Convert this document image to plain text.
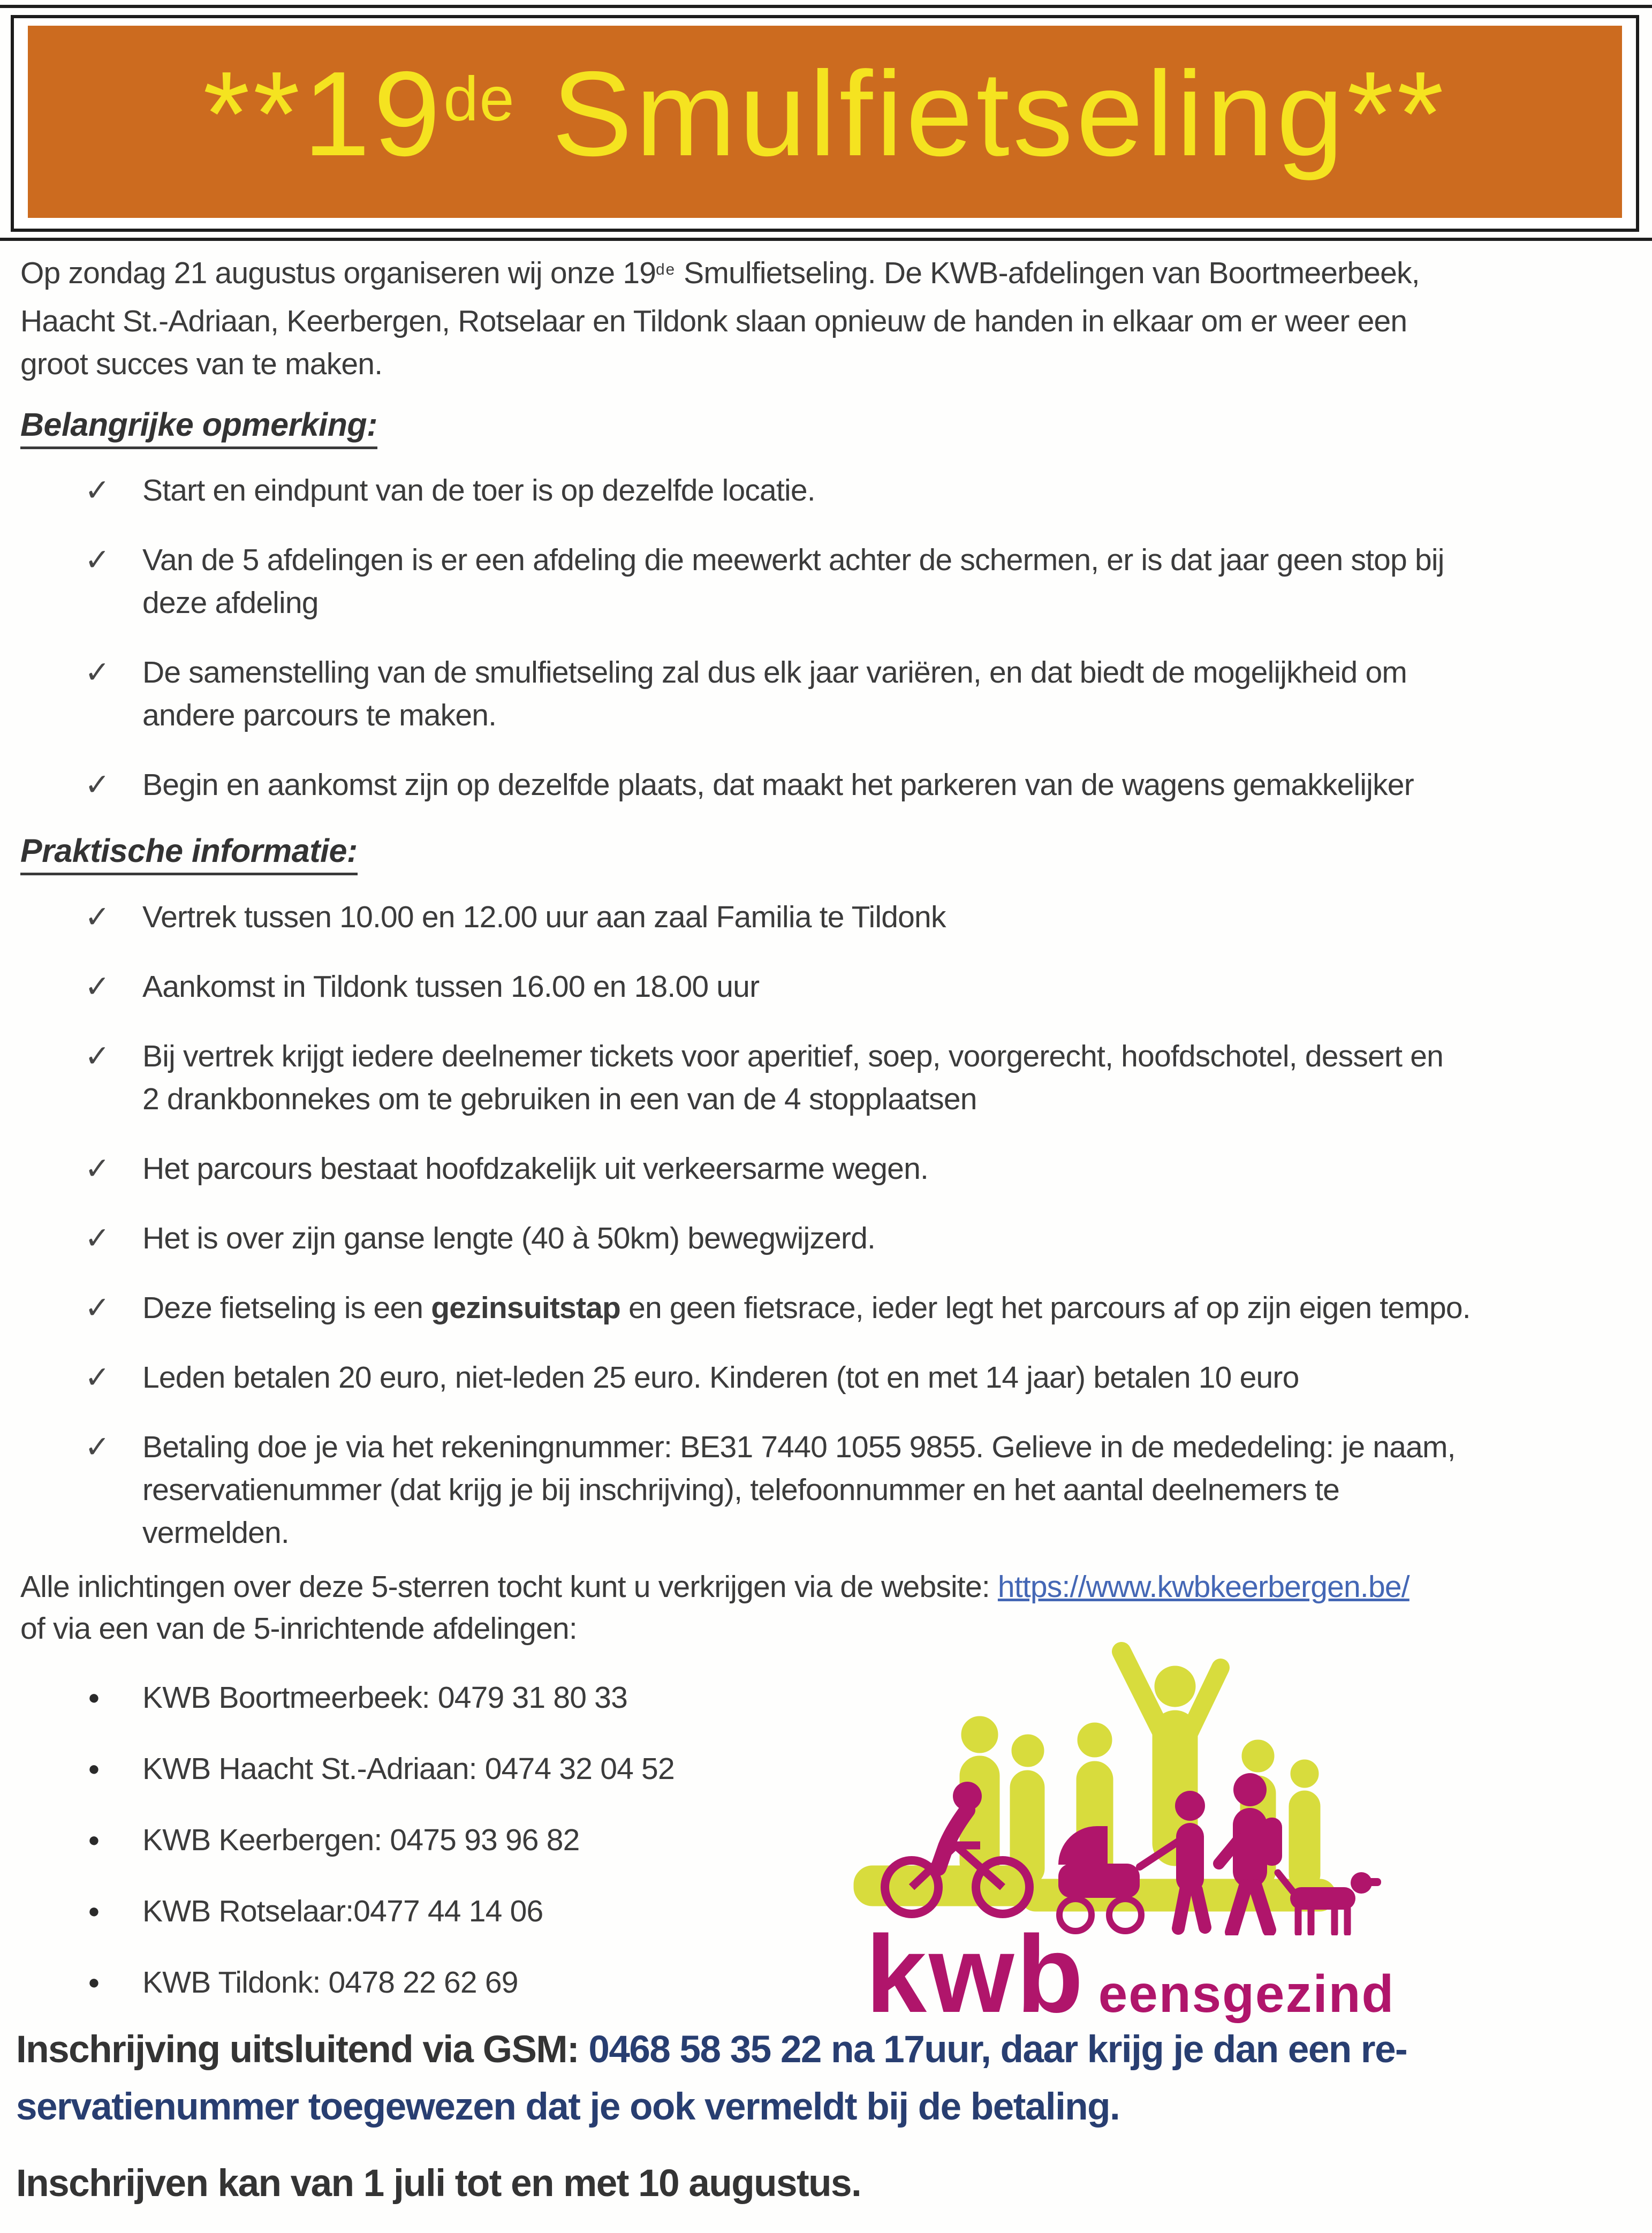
**19de Smulfietseling**
Op zondag 21 augustus organiseren wij onze 19de Smulfietseling. De KWB-afdelingen van Boortmeerbeek,
Haacht St.-Adriaan, Keerbergen, Rotselaar en Tildonk slaan opnieuw de handen in elkaar om er weer een
groot succes van te maken.
Belangrijke opmerking:
✓ Start en eindpunt van de toer is op dezelfde locatie.
✓ Van de 5 afdelingen is er een afdeling die meewerkt achter de schermen, er is dat jaar geen stop bij
deze afdeling
✓ De samenstelling van de smulfietseling zal dus elk jaar variëren, en dat biedt de mogelijkheid om
andere parcours te maken.
✓ Begin en aankomst zijn op dezelfde plaats, dat maakt het parkeren van de wagens gemakkelijker
Praktische informatie:
✓ Vertrek tussen 10.00 en 12.00 uur aan zaal Familia te Tildonk
✓ Aankomst in Tildonk tussen 16.00 en 18.00 uur
✓ Bij vertrek krijgt iedere deelnemer tickets voor aperitief, soep, voorgerecht, hoofdschotel, dessert en
2 drankbonnekes om te gebruiken in een van de 4 stopplaatsen
✓ Het parcours bestaat hoofdzakelijk uit verkeersarme wegen.
✓ Het is over zijn ganse lengte (40 à 50km) bewegwijzerd.
✓ Deze fietseling is een gezinsuitstap en geen fietsrace, ieder legt het parcours af op zijn eigen tempo.
✓ Leden betalen 20 euro, niet-leden 25 euro. Kinderen (tot en met 14 jaar) betalen 10 euro
✓ Betaling doe je via het rekeningnummer: BE31 7440 1055 9855. Gelieve in de mededeling: je naam,
reservatienummer (dat krijg je bij inschrijving), telefoonnummer en het aantal deelnemers te
vermelden.
Alle inlichtingen over deze 5-sterren tocht kunt u verkrijgen via de website: https://www.kwbkeerbergen.be/
of via een van de 5-inrichtende afdelingen:
● KWB Boortmeerbeek: 0479 31 80 33
● KWB Haacht St.-Adriaan: 0474 32 04 52
● KWB Keerbergen: 0475 93 96 82
● KWB Rotselaar:0477 44 14 06
● KWB Tildonk: 0478 22 62 69	kwb eensgezind
Inschrijving uitsluitend via GSM: 0468 58 35 22 na 17uur, daar krijg je dan een re-
servatienummer toegewezen dat je ook vermeldt bij de betaling.
Inschrijven kan van 1 juli tot en met 10 augustus.
